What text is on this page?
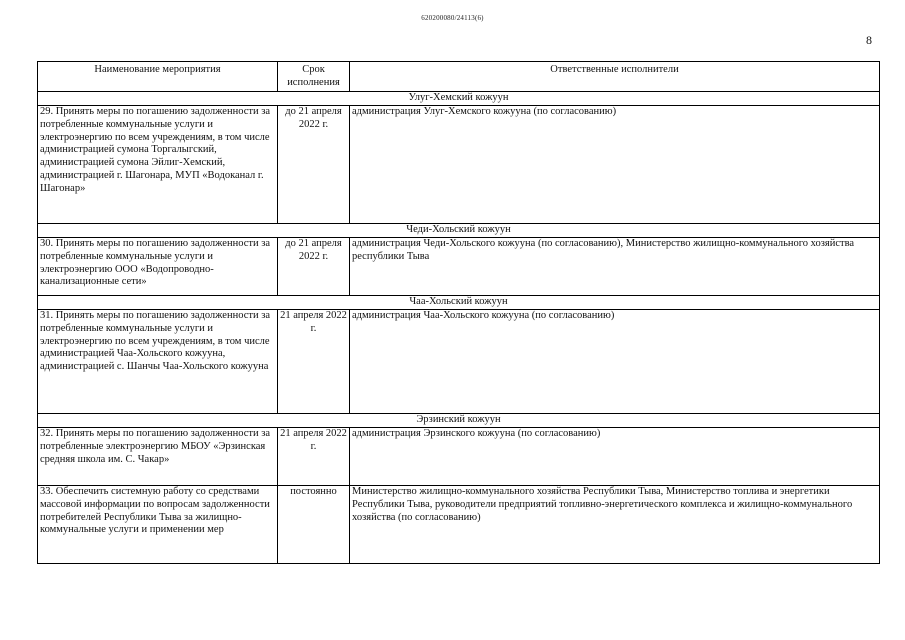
620200080/24113(6)
8
Наименование мероприятия	Срок исполнения	Ответственные исполнители
Улуг-Хемский кожуун		
29. Принять меры по погашению задолженности за потребленные коммунальные услуги и электроэнергию по всем учреждениям, в том числе администрацией сумона Торгалыгский, администрацией сумона Эйлиг-Хемский, администрацией г. Шагонара, МУП «Водоканал г. Шагонар»	до 21 апреля 2022 г.	администрация Улуг-Хемского кожууна (по согласованию)
Чеди-Хольский кожуун		
30. Принять меры по погашению задолженности за потребленные коммунальные услуги и электроэнергию ООО «Водопроводно-канализационные сети»	до 21 апреля 2022 г.	администрация Чеди-Хольского кожууна (по согласованию), Министерство жилищно-коммунального хозяйства республики Тыва
Чаа-Хольский кожуун		
31. Принять меры по погашению задолженности за потребленные коммунальные услуги и электроэнергию по всем учреждениям, в том числе администрацией Чаа-Хольского кожууна, администрацией с. Шанчы Чаа-Хольского кожууна	21 апреля 2022 г.	администрация Чаа-Хольского кожууна (по согласованию)
Эрзинский кожуун		
32. Принять меры по погашению задолженности за потребленные электроэнергию МБОУ «Эрзинская средняя школа им. С. Чакар»	21 апреля 2022 г.	администрация Эрзинского кожууна (по согласованию)
33. Обеспечить системную работу со средствами массовой информации по вопросам задолженности потребителей Республики Тыва за жилищно-коммунальные услуги и применении мер	постоянно	Министерство жилищно-коммунального хозяйства Республики Тыва, Министерство топлива и энергетики Республики Тыва, руководители предприятий топливно-энергетического комплекса и жилищно-коммунального хозяйства (по согласованию)
